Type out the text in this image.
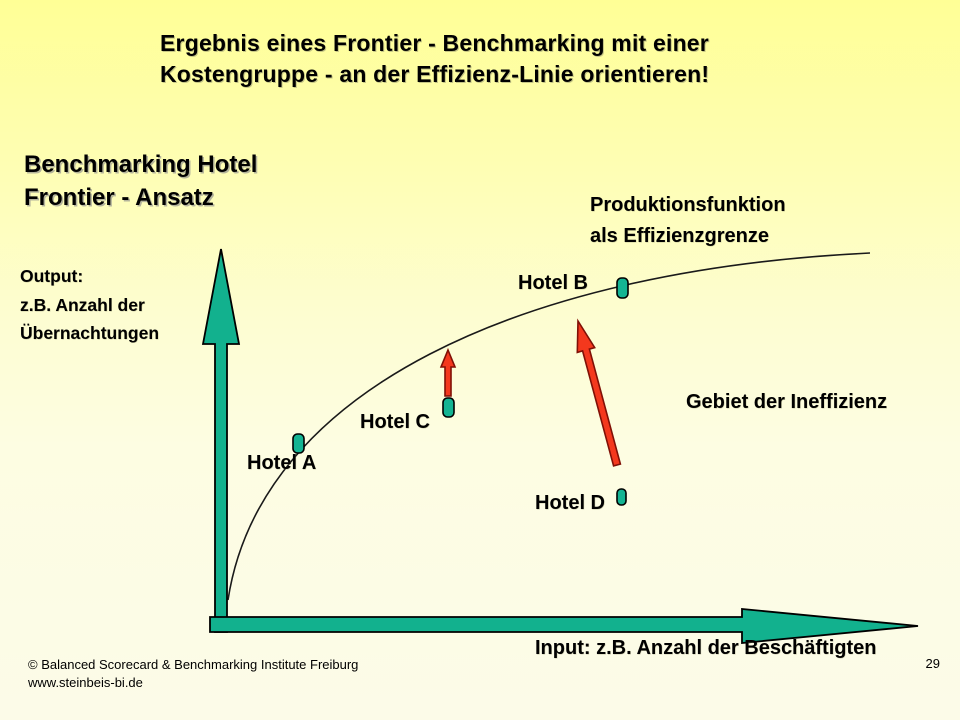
Ergebnis eines Frontier - Benchmarking mit einer
Kostengruppe - an der Effizienz-Linie orientieren!
Benchmarking Hotel
Frontier - Ansatz
Output:
z.B. Anzahl der
Übernachtungen
Produktionsfunktion
als Effizienzgrenze
Hotel A
Hotel B
Hotel C
Hotel D
Gebiet der Ineffizienz
Input: z.B. Anzahl der Beschäftigten
© Balanced Scorecard & Benchmarking Institute Freiburg
www.steinbeis-bi.de
29
